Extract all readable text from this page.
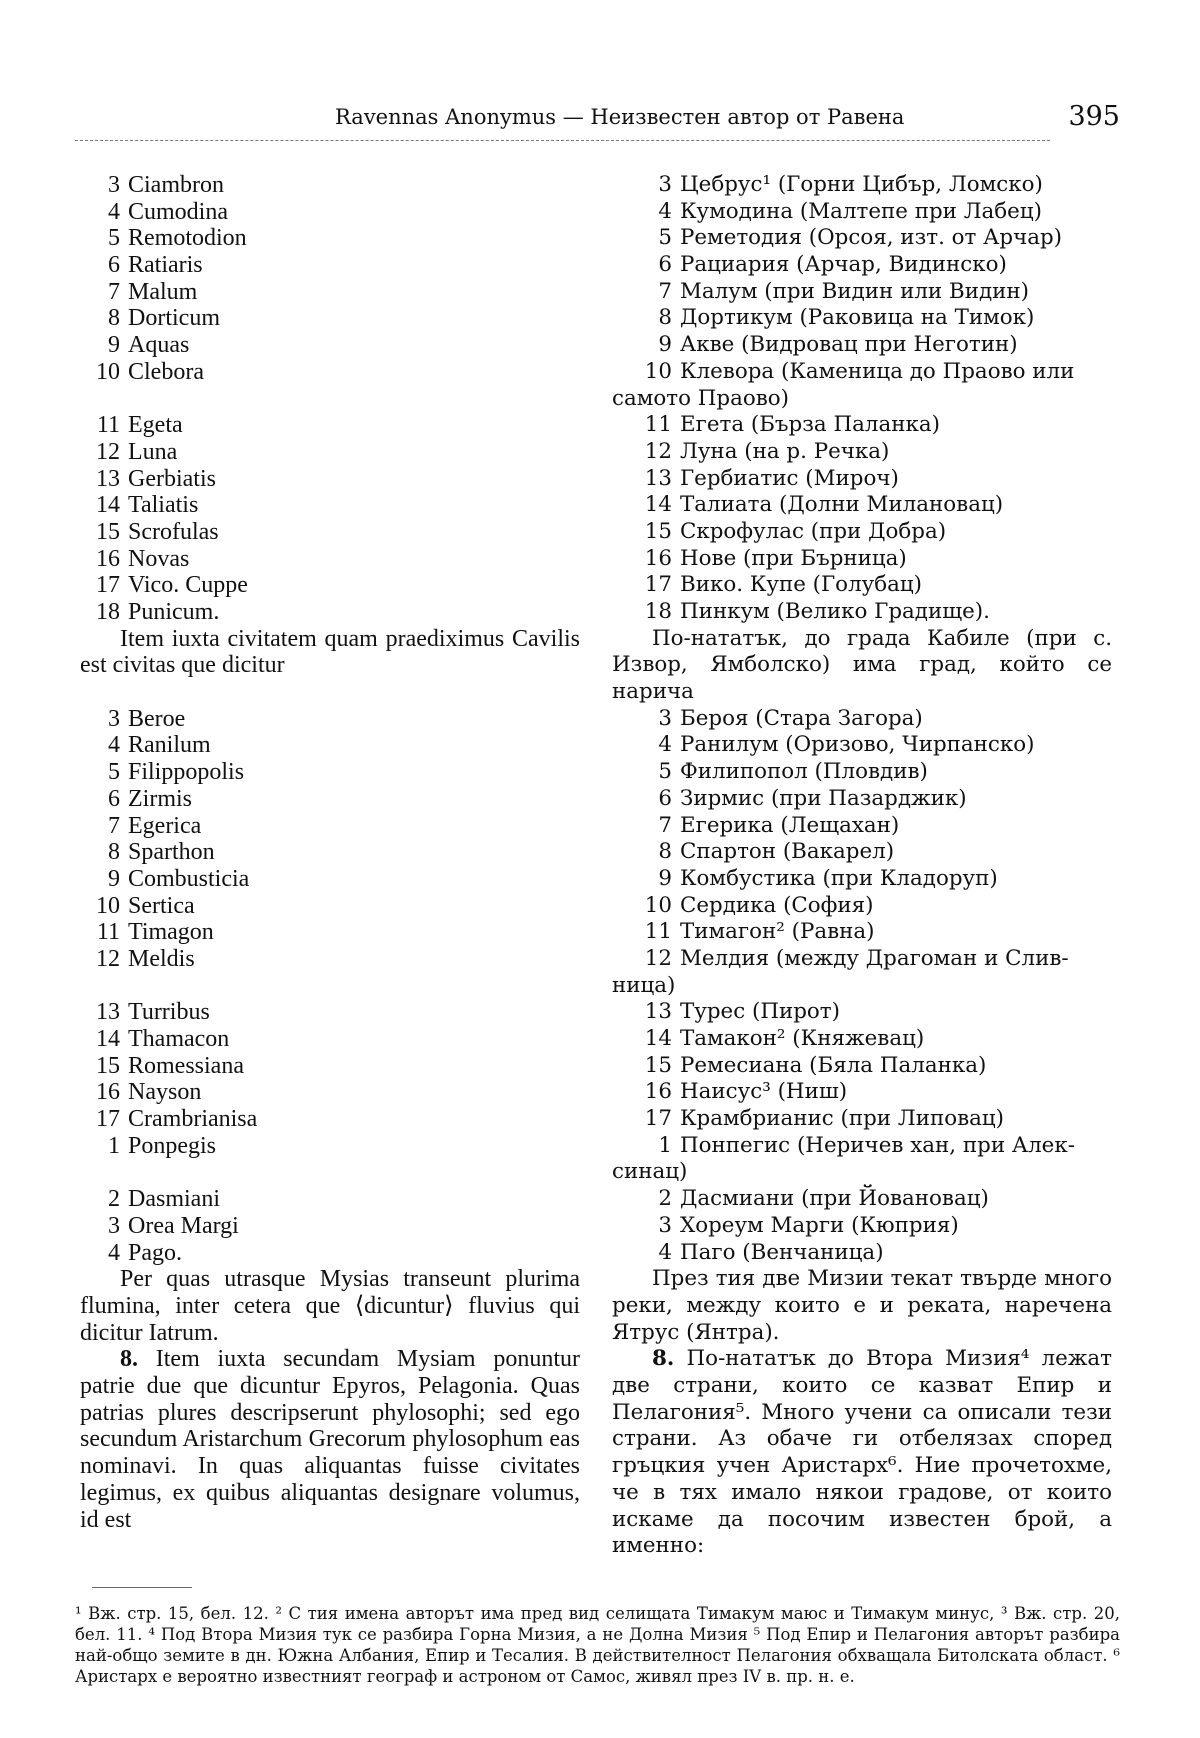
Ravennas Anonymus — Неизвестен автор от Равена	395
3 Ciambron
4 Cumodina
5 Remotodion
6 Ratiaris
7 Malum
8 Dorticum
9 Aquas
10 Clebora
11 Egeta
12 Luna
13 Gerbiatis
14 Taliatis
15 Scrofulas
16 Novas
17 Vico. Cuppe
18 Punicum.
Item iuxta civitatem quam praediximus Cavilis est civitas que dicitur
3 Beroe
4 Ranilum
5 Filippopolis
6 Zirmis
7 Egerica
8 Sparthon
9 Combusticia
10 Sertica
11 Timagon
12 Meldis
13 Turribus
14 Thamacon
15 Romessiana
16 Nayson
17 Crambrianisa
1 Ponpegis
2 Dasmiani
3 Orea Margi
4 Pago.
Per quas utrasque Mysias transeunt plurima flumina, inter cetera que ⟨dicuntur⟩ fluvius qui dicitur Iatrum.
8. Item iuxta secundam Mysiam ponuntur patrie due que dicuntur Epyros, Pelagonia. Quas patrias plures descripserunt phylosophi; sed ego secundum Aristarchum Grecorum phylosophum eas nominavi. In quas aliquantas fuisse civitates legimus, ex quibus aliquantas designare volumus, id est
3 Цебрус¹ (Горни Цибър, Ломско)
4 Кумодина (Малтепе при Лабец)
5 Реметодия (Орсоя, изт. от Арчар)
6 Рациария (Арчар, Видинско)
7 Малум (при Видин или Видин)
8 Дортикум (Раковица на Тимок)
9 Акве (Видровац при Неготин)
10 Клевора (Каменица до Праово или
самото Праово)
11 Егета (Бързa Паланка)
12 Луна (на р. Речка)
13 Гербиатис (Мироч)
14 Талиата (Долни Милановац)
15 Скрофулас (при Добра)
16 Нове (при Бърница)
17 Вико. Купе (Голубац)
18 Пинкум (Велико Градище).
По-нататък, до града Кабиле (при с. Извор, Ямболско) има град, който се нарича
3 Бероя (Стара Загора)
4 Ранилум (Оризово, Чирпанско)
5 Филипопол (Пловдив)
6 Зирмис (при Пазарджик)
7 Егерика (Лещахан)
8 Спартон (Вакарел)
9 Комбустика (при Кладоруп)
10 Сердика (София)
11 Тимагон² (Равна)
12 Мелдия (между Драгоман и Слив-
ница)
13 Турес (Пирот)
14 Тамакон² (Княжевац)
15 Ремесиана (Бяла Паланка)
16 Наисус³ (Ниш)
17 Крамбрианис (при Липовац)
1 Понпегис (Неричев хан, при Алек-
синац)
2 Дасмиани (при Йовановац)
3 Хореум Марги (Кюприя)
4 Паго (Венчаница)
През тия две Мизии текат твърде много реки, между които е и реката, наречена Ятрус (Янтра).
8. По-нататък до Втора Мизия⁴ лежат две страни, които се казват Епир и Пелагония⁵. Много учени са описали тези страни. Аз обаче ги отбелязах според гръцкия учен Аристарх⁶. Ние прочетохме, че в тях имало някои градове, от които искаме да посочим известен брой, а именно:
¹ Вж. стр. 15, бел. 12. ² С тия имена авторът има пред вид селищата Тимакум маюс и Тимакум минус, ³ Вж. стр. 20, бел. 11. ⁴ Под Втора Мизия тук се разбира Горна Мизия, а не Долна Мизия ⁵ Под Епир и Пелагония авторът разбира най-общо земите в дн. Южна Албания, Епир и Тесалия. В действителност Пелагония обхващала Битолската област. ⁶ Аристарх е вероятно известният географ и астроном от Самос, живял през IV в. пр. н. е.
